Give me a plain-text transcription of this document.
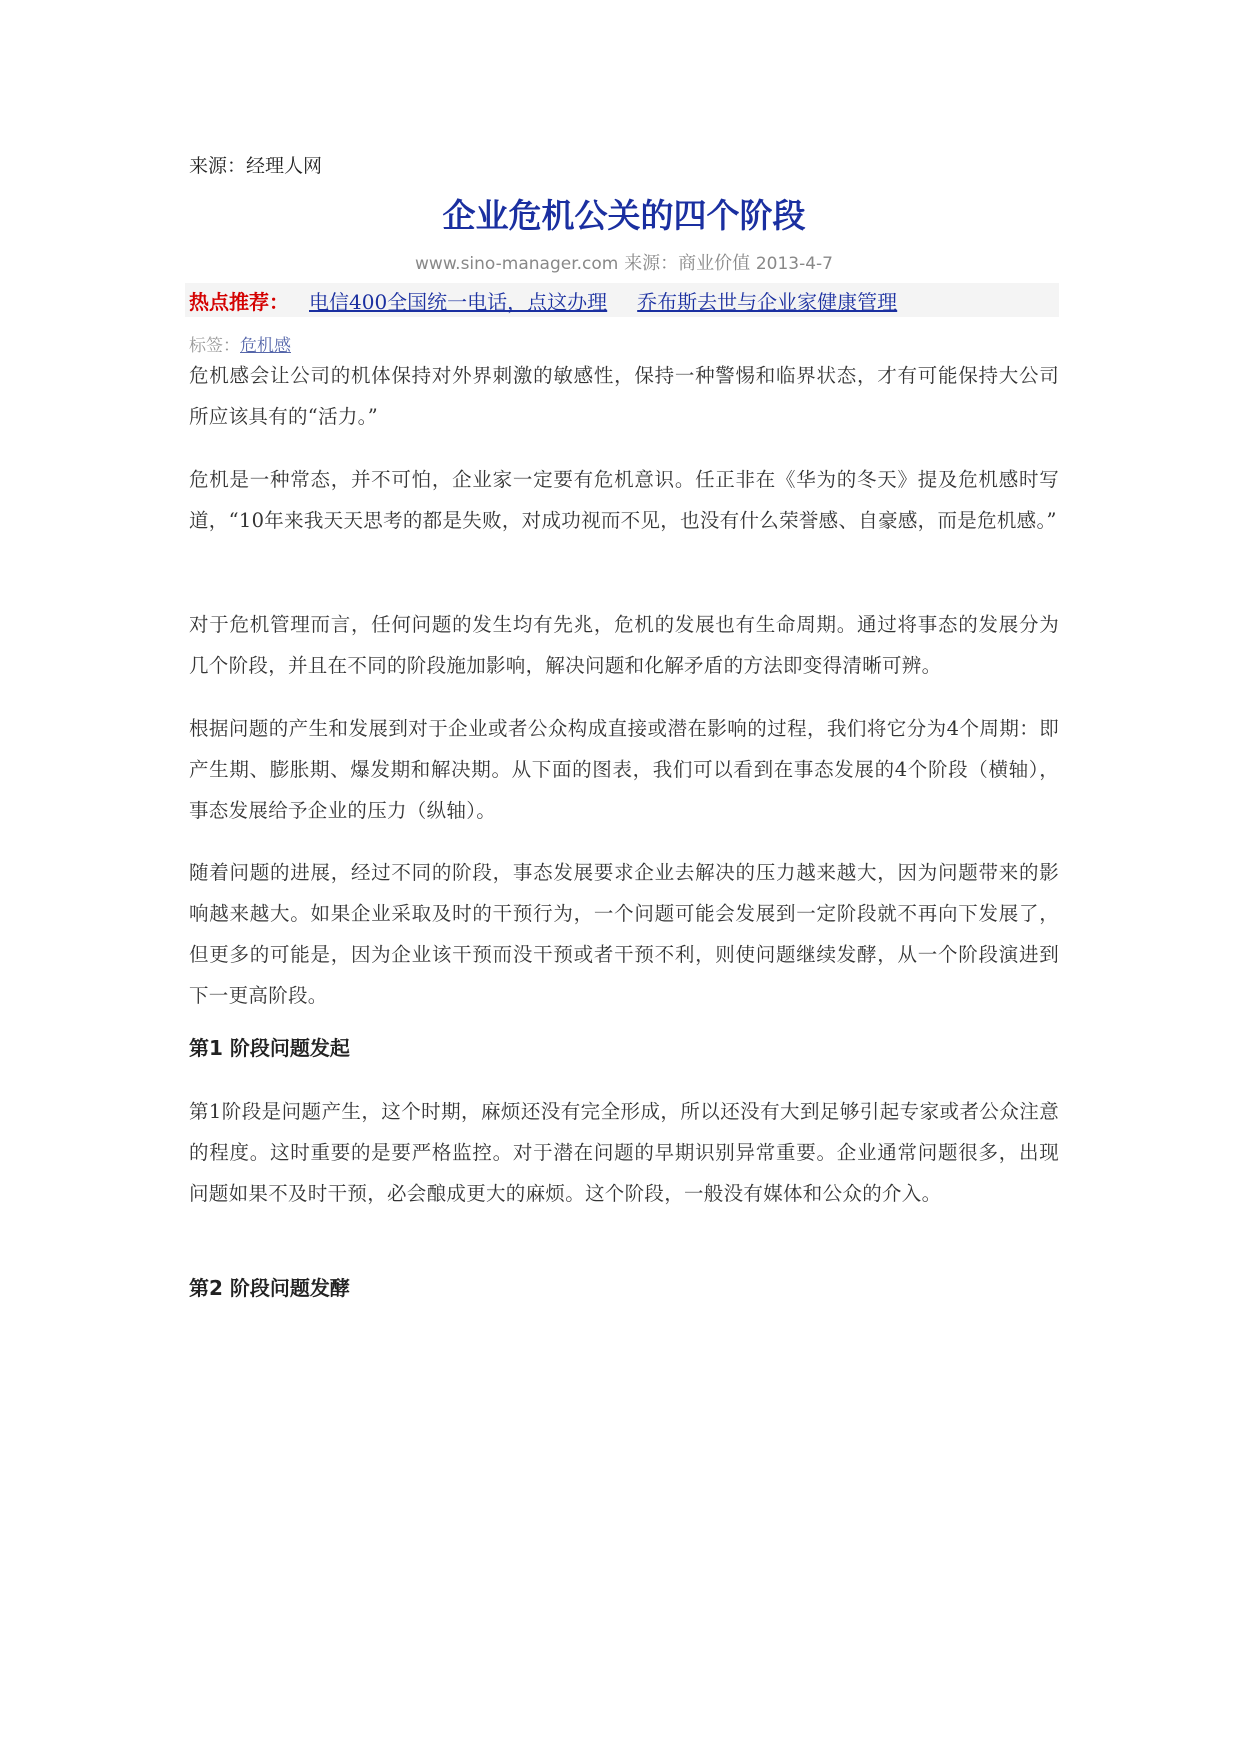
来源：经理人网
企业危机公关的四个阶段
www.sino-manager.com 来源：商业价值 2013-4-7
热点推荐： 电信400全国统一电话，点这办理 乔布斯去世与企业家健康管理
标签：危机感

危机感会让公司的机体保持对外界刺激的敏感性，保持一种警惕和临界状态，才有可能保持大公司所应该具有的“活力。”

危机是一种常态，并不可怕，企业家一定要有危机意识。任正非在《华为的冬天》提及危机感时写道，“10年来我天天思考的都是失败，对成功视而不见，也没有什么荣誉感、自豪感，而是危机感。”

对于危机管理而言，任何问题的发生均有先兆，危机的发展也有生命周期。通过将事态的发展分为几个阶段，并且在不同的阶段施加影响，解决问题和化解矛盾的方法即变得清晰可辨。

根据问题的产生和发展到对于企业或者公众构成直接或潜在影响的过程，我们将它分为4个周期：即产生期、膨胀期、爆发期和解决期。从下面的图表，我们可以看到在事态发展的4个阶段（横轴），事态发展给予企业的压力（纵轴）。

随着问题的进展，经过不同的阶段，事态发展要求企业去解决的压力越来越大，因为问题带来的影响越来越大。如果企业采取及时的干预行为，一个问题可能会发展到一定阶段就不再向下发展了，但更多的可能是，因为企业该干预而没干预或者干预不利，则使问题继续发酵，从一个阶段演进到下一更高阶段。

第1 阶段问题发起

第1阶段是问题产生，这个时期，麻烦还没有完全形成，所以还没有大到足够引起专家或者公众注意的程度。这时重要的是要严格监控。对于潜在问题的早期识别异常重要。企业通常问题很多，出现问题如果不及时干预，必会酿成更大的麻烦。这个阶段，一般没有媒体和公众的介入。

第2 阶段问题发酵
